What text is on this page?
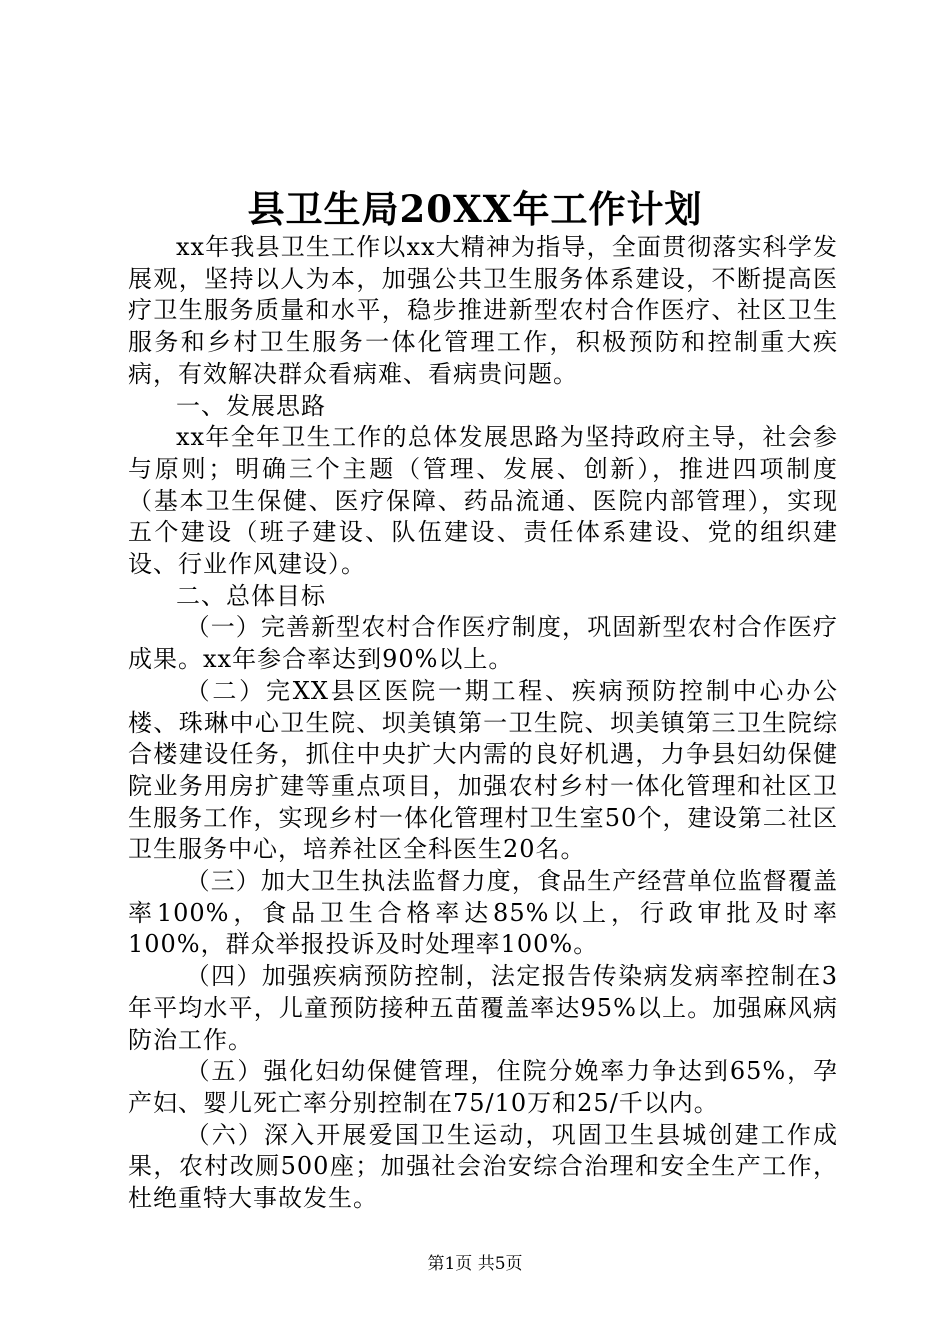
县卫生局20XX年工作计划

xx年我县卫生工作以xx大精神为指导，全面贯彻落实科学发展观，坚持以人为本，加强公共卫生服务体系建设，不断提高医疗卫生服务质量和水平，稳步推进新型农村合作医疗、社区卫生服务和乡村卫生服务一体化管理工作，积极预防和控制重大疾病，有效解决群众看病难、看病贵问题。

一、发展思路

xx年全年卫生工作的总体发展思路为坚持政府主导，社会参与原则；明确三个主题（管理、发展、创新），推进四项制度（基本卫生保健、医疗保障、药品流通、医院内部管理），实现五个建设（班子建设、队伍建设、责任体系建设、党的组织建设、行业作风建设）。

二、总体目标

（一）完善新型农村合作医疗制度，巩固新型农村合作医疗成果。xx年参合率达到90%以上。

（二）完XX县区医院一期工程、疾病预防控制中心办公楼、珠琳中心卫生院、坝美镇第一卫生院、坝美镇第三卫生院综合楼建设任务，抓住中央扩大内需的良好机遇，力争县妇幼保健院业务用房扩建等重点项目，加强农村乡村一体化管理和社区卫生服务工作，实现乡村一体化管理村卫生室50个，建设第二社区卫生服务中心，培养社区全科医生20名。

（三）加大卫生执法监督力度，食品生产经营单位监督覆盖率100%，食品卫生合格率达85%以上，行政审批及时率100%，群众举报投诉及时处理率100%。

（四）加强疾病预防控制，法定报告传染病发病率控制在3年平均水平，儿童预防接种五苗覆盖率达95%以上。加强麻风病防治工作。

（五）强化妇幼保健管理，住院分娩率力争达到65%，孕产妇、婴儿死亡率分别控制在75/10万和25/千以内。

（六）深入开展爱国卫生运动，巩固卫生县城创建工作成果，农村改厕500座；加强社会治安综合治理和安全生产工作，杜绝重特大事故发生。

第1页 共5页
